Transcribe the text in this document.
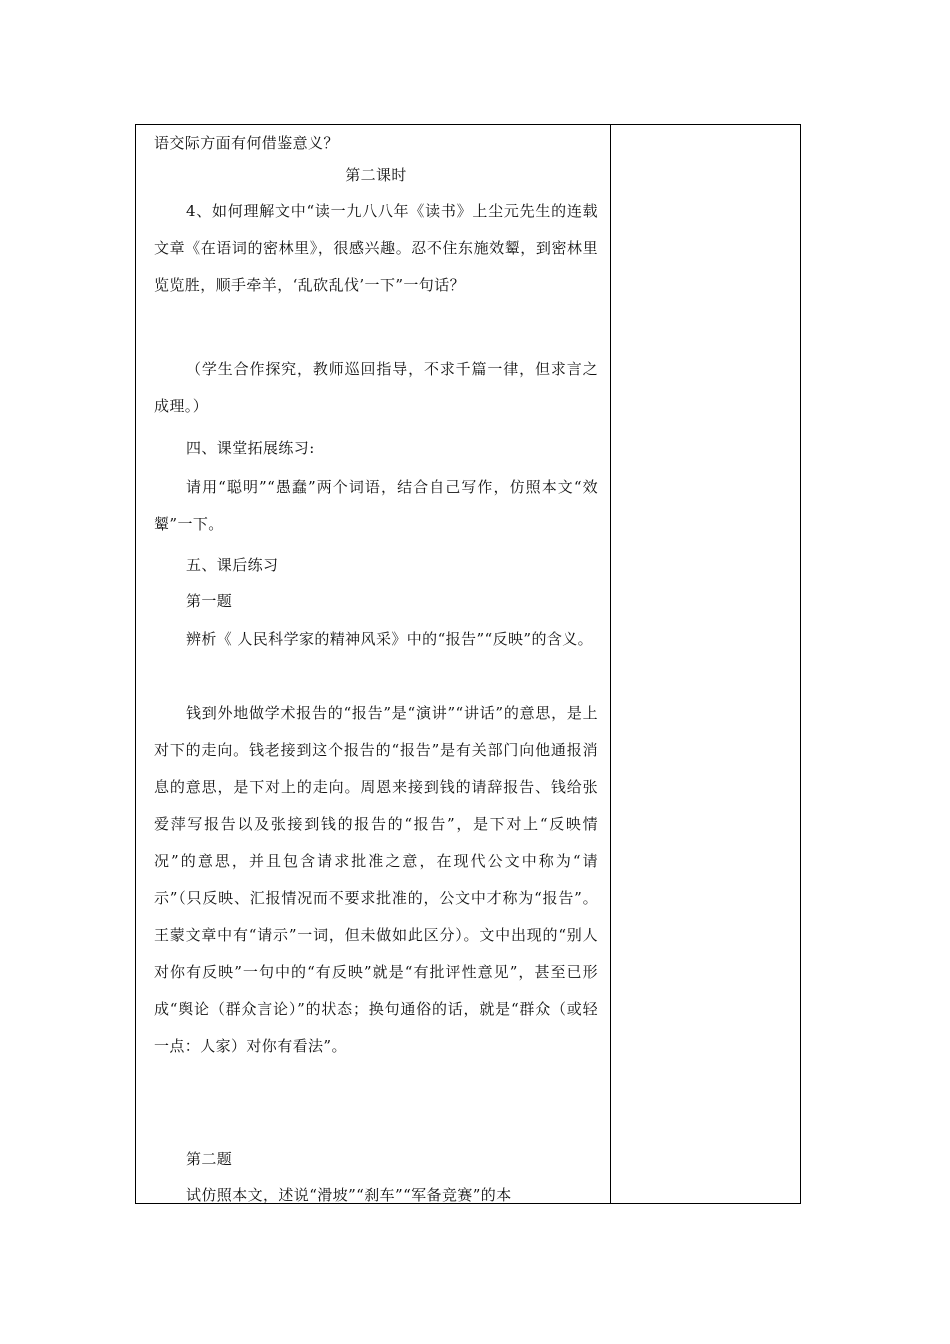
语交际方面有何借鉴意义？
第二课时
4、如何理解文中“读一九八八年《读书》上尘元先生的连载文章《在语词的密林里》，很感兴趣。忍不住东施效颦，到密林里览览胜，顺手牵羊，‘乱砍乱伐’一下”一句话？
（学生合作探究，教师巡回指导，不求千篇一律，但求言之成理。）
四、课堂拓展练习:
请用“聪明”“愚蠢”两个词语，结合自己写作，仿照本文“效颦”一下。
五、课后练习
第一题
辨析《 人民科学家的精神风采》中的“报告”“反映”的含义。
钱到外地做学术报告的“报告”是“演讲”“讲话”的意思，是上对下的走向。钱老接到这个报告的“报告”是有关部门向他通报消息的意思，是下对上的走向。周恩来接到钱的请辞报告、钱给张爱萍写报告以及张接到钱的报告的“报告”，是下对上“反映情况”的意思，并且包含请求批准之意，在现代公文中称为“请示”（只反映、汇报情况而不要求批准的，公文中才称为“报告”。王蒙文章中有“请示”一词，但未做如此区分）。文中出现的“别人对你有反映”一句中的“有反映”就是“有批评性意见”，甚至已形成“舆论（群众言论）”的状态；换句通俗的话，就是“群众（或轻一点：人家）对你有看法”。
第二题
试仿照本文，述说“滑坡”“刹车”“军备竞赛”的本
